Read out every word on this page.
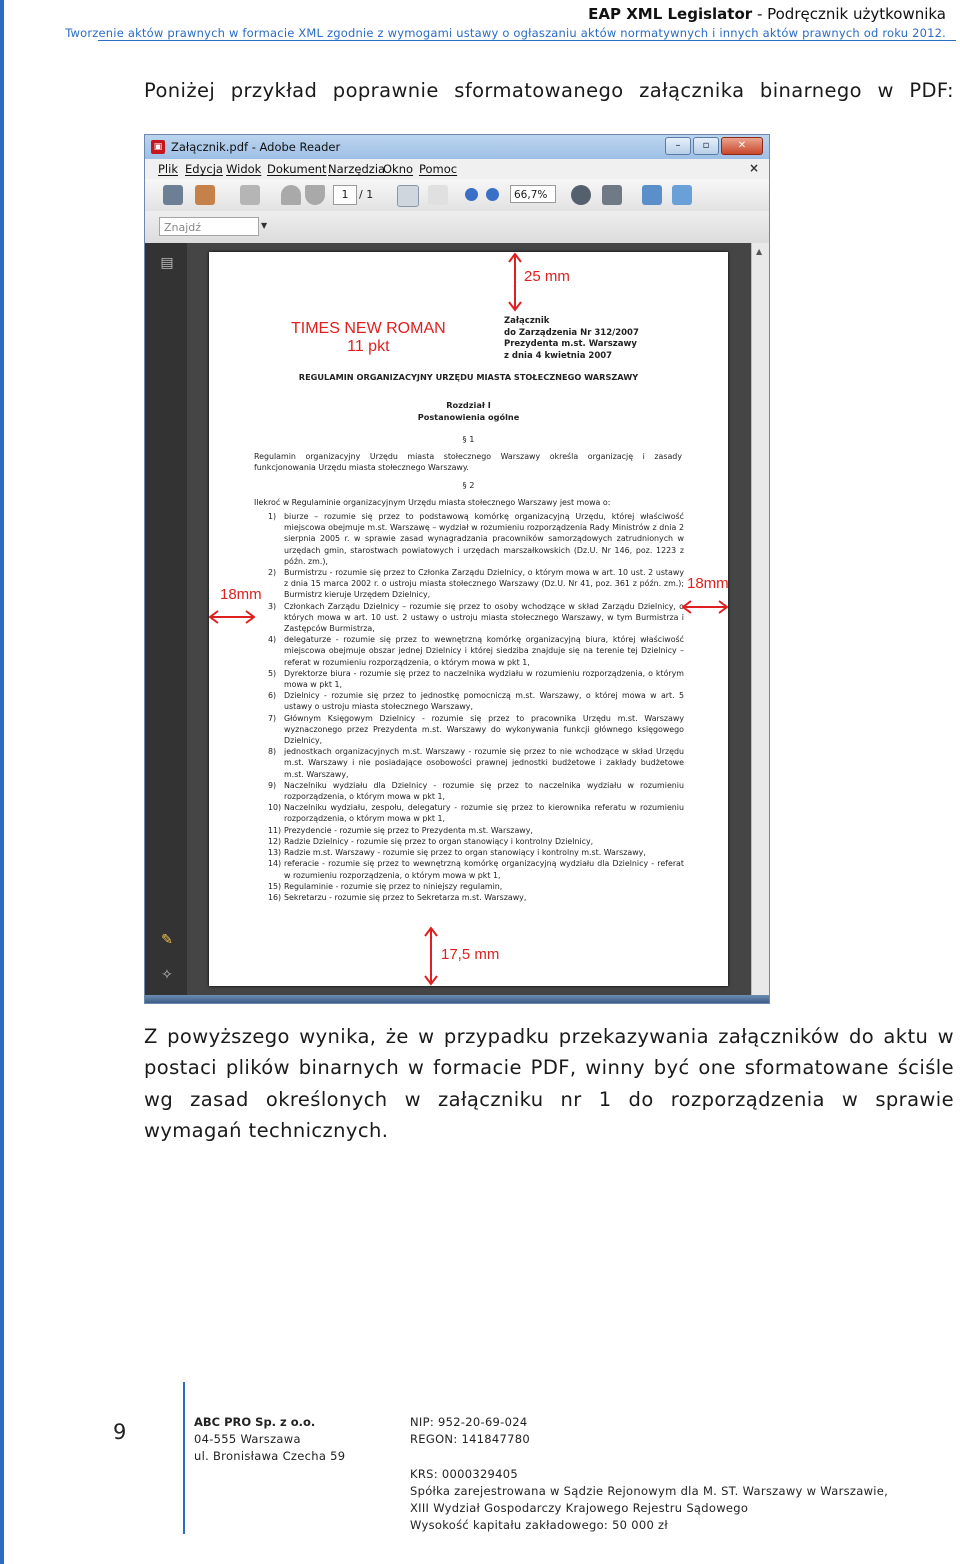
EAP XML Legislator - Podręcznik użytkownika
Tworzenie aktów prawnych w formacie XML zgodnie z wymogami ustawy o ogłaszaniu aktów normatywnych i innych aktów prawnych od roku 2012.
Poniżej przykład poprawnie sformatowanego załącznika binarnego w PDF:
▣ Załącznik.pdf - Adobe Reader	–	▫	✕
Plik Edycja Widok Dokument Narzędzia
Okno Pomoc	×
1 / 1	66,7%
Znajdź	▼
▤
✎
✧
▲
TIMES NEW ROMAN
11 pkt
25 mm
Załącznik
do Zarządzenia Nr 312/2007
Prezydenta m.st. Warszawy
z dnia 4 kwietnia 2007
REGULAMIN ORGANIZACYJNY URZĘDU MIASTA STOŁECZNEGO WARSZAWY
Rozdział I
Postanowienia ogólne
§ 1
Regulamin organizacyjny Urzędu miasta stołecznego Warszawy określa organizację i zasady funkcjonowania Urzędu miasta stołecznego Warszawy.
§ 2
Ilekroć w Regulaminie organizacyjnym Urzędu miasta stołecznego Warszawy jest mowa o:
1) biurze – rozumie się przez to podstawową komórkę organizacyjną Urzędu, której właściwość miejscowa obejmuje m.st. Warszawę – wydział w rozumieniu rozporządzenia Rady Ministrów z dnia 2 sierpnia 2005 r. w sprawie zasad wynagradzania pracowników samorządowych zatrudnionych w urzędach gmin, starostwach powiatowych i urzędach marszałkowskich (Dz.U. Nr 146, poz. 1223 z późn. zm.),
2) Burmistrzu - rozumie się przez to Członka Zarządu Dzielnicy, o którym mowa w art. 10 ust. 2 ustawy z dnia 15 marca 2002 r. o ustroju miasta stołecznego Warszawy (Dz.U. Nr 41, poz. 361 z późn. zm.); Burmistrz kieruje Urzędem Dzielnicy,
3) Członkach Zarządu Dzielnicy – rozumie się przez to osoby wchodzące w skład Zarządu Dzielnicy, o których mowa w art. 10 ust. 2 ustawy o ustroju miasta stołecznego Warszawy, w tym Burmistrza i Zastępców Burmistrza,
4) delegaturze - rozumie się przez to wewnętrzną komórkę organizacyjną biura, której właściwość miejscowa obejmuje obszar jednej Dzielnicy i której siedziba znajduje się na terenie tej Dzielnicy – referat w rozumieniu rozporządzenia, o którym mowa w pkt 1,
5) Dyrektorze biura - rozumie się przez to naczelnika wydziału w rozumieniu rozporządzenia, o którym mowa w pkt 1,
6) Dzielnicy - rozumie się przez to jednostkę pomocniczą m.st. Warszawy, o której mowa w art. 5 ustawy o ustroju miasta stołecznego Warszawy,
7) Głównym Księgowym Dzielnicy - rozumie się przez to pracownika Urzędu m.st. Warszawy wyznaczonego przez Prezydenta m.st. Warszawy do wykonywania funkcji głównego księgowego Dzielnicy,
8) jednostkach organizacyjnych m.st. Warszawy - rozumie się przez to nie wchodzące w skład Urzędu m.st. Warszawy i nie posiadające osobowości prawnej jednostki budżetowe i zakłady budżetowe m.st. Warszawy,
9) Naczelniku wydziału dla Dzielnicy - rozumie się przez to naczelnika wydziału w rozumieniu rozporządzenia, o którym mowa w pkt 1,
10) Naczelniku wydziału, zespołu, delegatury - rozumie się przez to kierownika referatu w rozumieniu rozporządzenia, o którym mowa w pkt 1,
11) Prezydencie - rozumie się przez to Prezydenta m.st. Warszawy,
12) Radzie Dzielnicy - rozumie się przez to organ stanowiący i kontrolny Dzielnicy,
13) Radzie m.st. Warszawy - rozumie się przez to organ stanowiący i kontrolny m.st. Warszawy,
14) referacie - rozumie się przez to wewnętrzną komórkę organizacyjną wydziału dla Dzielnicy - referat w rozumieniu rozporządzenia, o którym mowa w pkt 1,
15) Regulaminie - rozumie się przez to niniejszy regulamin,
16) Sekretarzu - rozumie się przez to Sekretarza m.st. Warszawy,
18mm
18mm
17,5 mm
Z powyższego wynika, że w przypadku przekazywania załączników do aktu w postaci plików binarnych w formacie PDF, winny być one sformatowane ściśle wg zasad określonych w załączniku nr 1 do rozporządzenia w sprawie wymagań technicznych.
9	ABC PRO Sp. z o.o.
04-555 Warszawa
ul. Bronisława Czecha 59
NIP: 952-20-69-024
REGON: 141847780
KRS: 0000329405
Spółka zarejestrowana w Sądzie Rejonowym dla M. ST. Warszawy w Warszawie,
XIII Wydział Gospodarczy Krajowego Rejestru Sądowego
Wysokość kapitału zakładowego: 50 000 zł
